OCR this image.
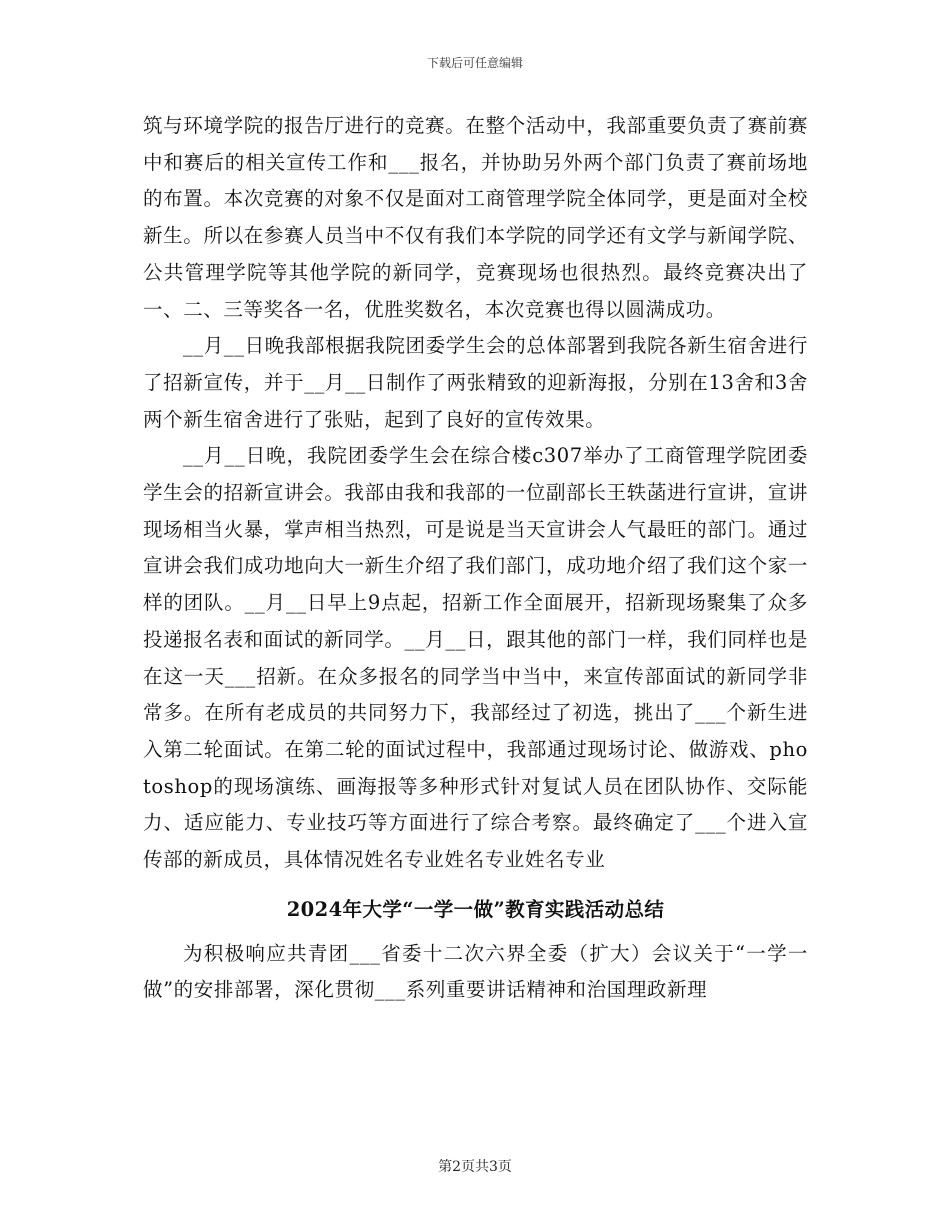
下载后可任意编辑

筑与环境学院的报告厅进行的竞赛。在整个活动中，我部重要负责了赛前赛中和赛后的相关宣传工作和___报名，并协助另外两个部门负责了赛前场地的布置。本次竞赛的对象不仅是面对工商管理学院全体同学，更是面对全校新生。所以在参赛人员当中不仅有我们本学院的同学还有文学与新闻学院、公共管理学院等其他学院的新同学，竞赛现场也很热烈。最终竞赛决出了一、二、三等奖各一名，优胜奖数名，本次竞赛也得以圆满成功。

__月__日晚我部根据我院团委学生会的总体部署到我院各新生宿舍进行了招新宣传，并于__月__日制作了两张精致的迎新海报，分别在13舍和3舍两个新生宿舍进行了张贴，起到了良好的宣传效果。

__月__日晚，我院团委学生会在综合楼c307举办了工商管理学院团委学生会的招新宣讲会。我部由我和我部的一位副部长王轶菡进行宣讲，宣讲现场相当火暴，掌声相当热烈，可是说是当天宣讲会人气最旺的部门。通过宣讲会我们成功地向大一新生介绍了我们部门，成功地介绍了我们这个家一样的团队。__月__日早上9点起，招新工作全面展开，招新现场聚集了众多投递报名表和面试的新同学。__月__日，跟其他的部门一样，我们同样也是在这一天___招新。在众多报名的同学当中当中，来宣传部面试的新同学非常多。在所有老成员的共同努力下，我部经过了初选，挑出了___个新生进入第二轮面试。在第二轮的面试过程中，我部通过现场讨论、做游戏、photoshop的现场演练、画海报等多种形式针对复试人员在团队协作、交际能力、适应能力、专业技巧等方面进行了综合考察。最终确定了___个进入宣传部的新成员，具体情况姓名专业姓名专业姓名专业

2024年大学“一学一做”教育实践活动总结

为积极响应共青团___省委十二次六界全委（扩大）会议关于“一学一做”的安排部署，深化贯彻___系列重要讲话精神和治国理政新理

第2页共3页
